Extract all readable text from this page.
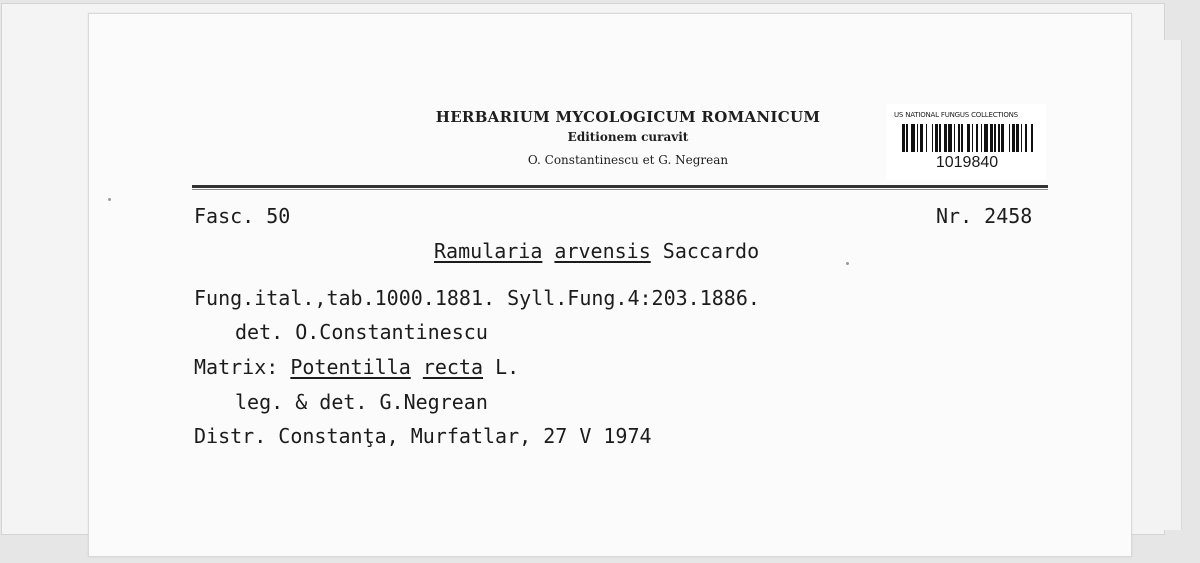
HERBARIUM MYCOLOGICUM ROMANICUM
Editionem curavit
O. Constantinescu et G. Negrean
US NATIONAL FUNGUS COLLECTIONS
1019840
Fasc. 50	Nr. 2458
Ramularia arvensis Saccardo
Fung.ital.,tab.1000.1881. Syll.Fung.4:203.1886.
det. O.Constantinescu
Matrix: Potentilla recta L.
leg. & det. G.Negrean
Distr. Constanţa, Murfatlar, 27 V 1974
